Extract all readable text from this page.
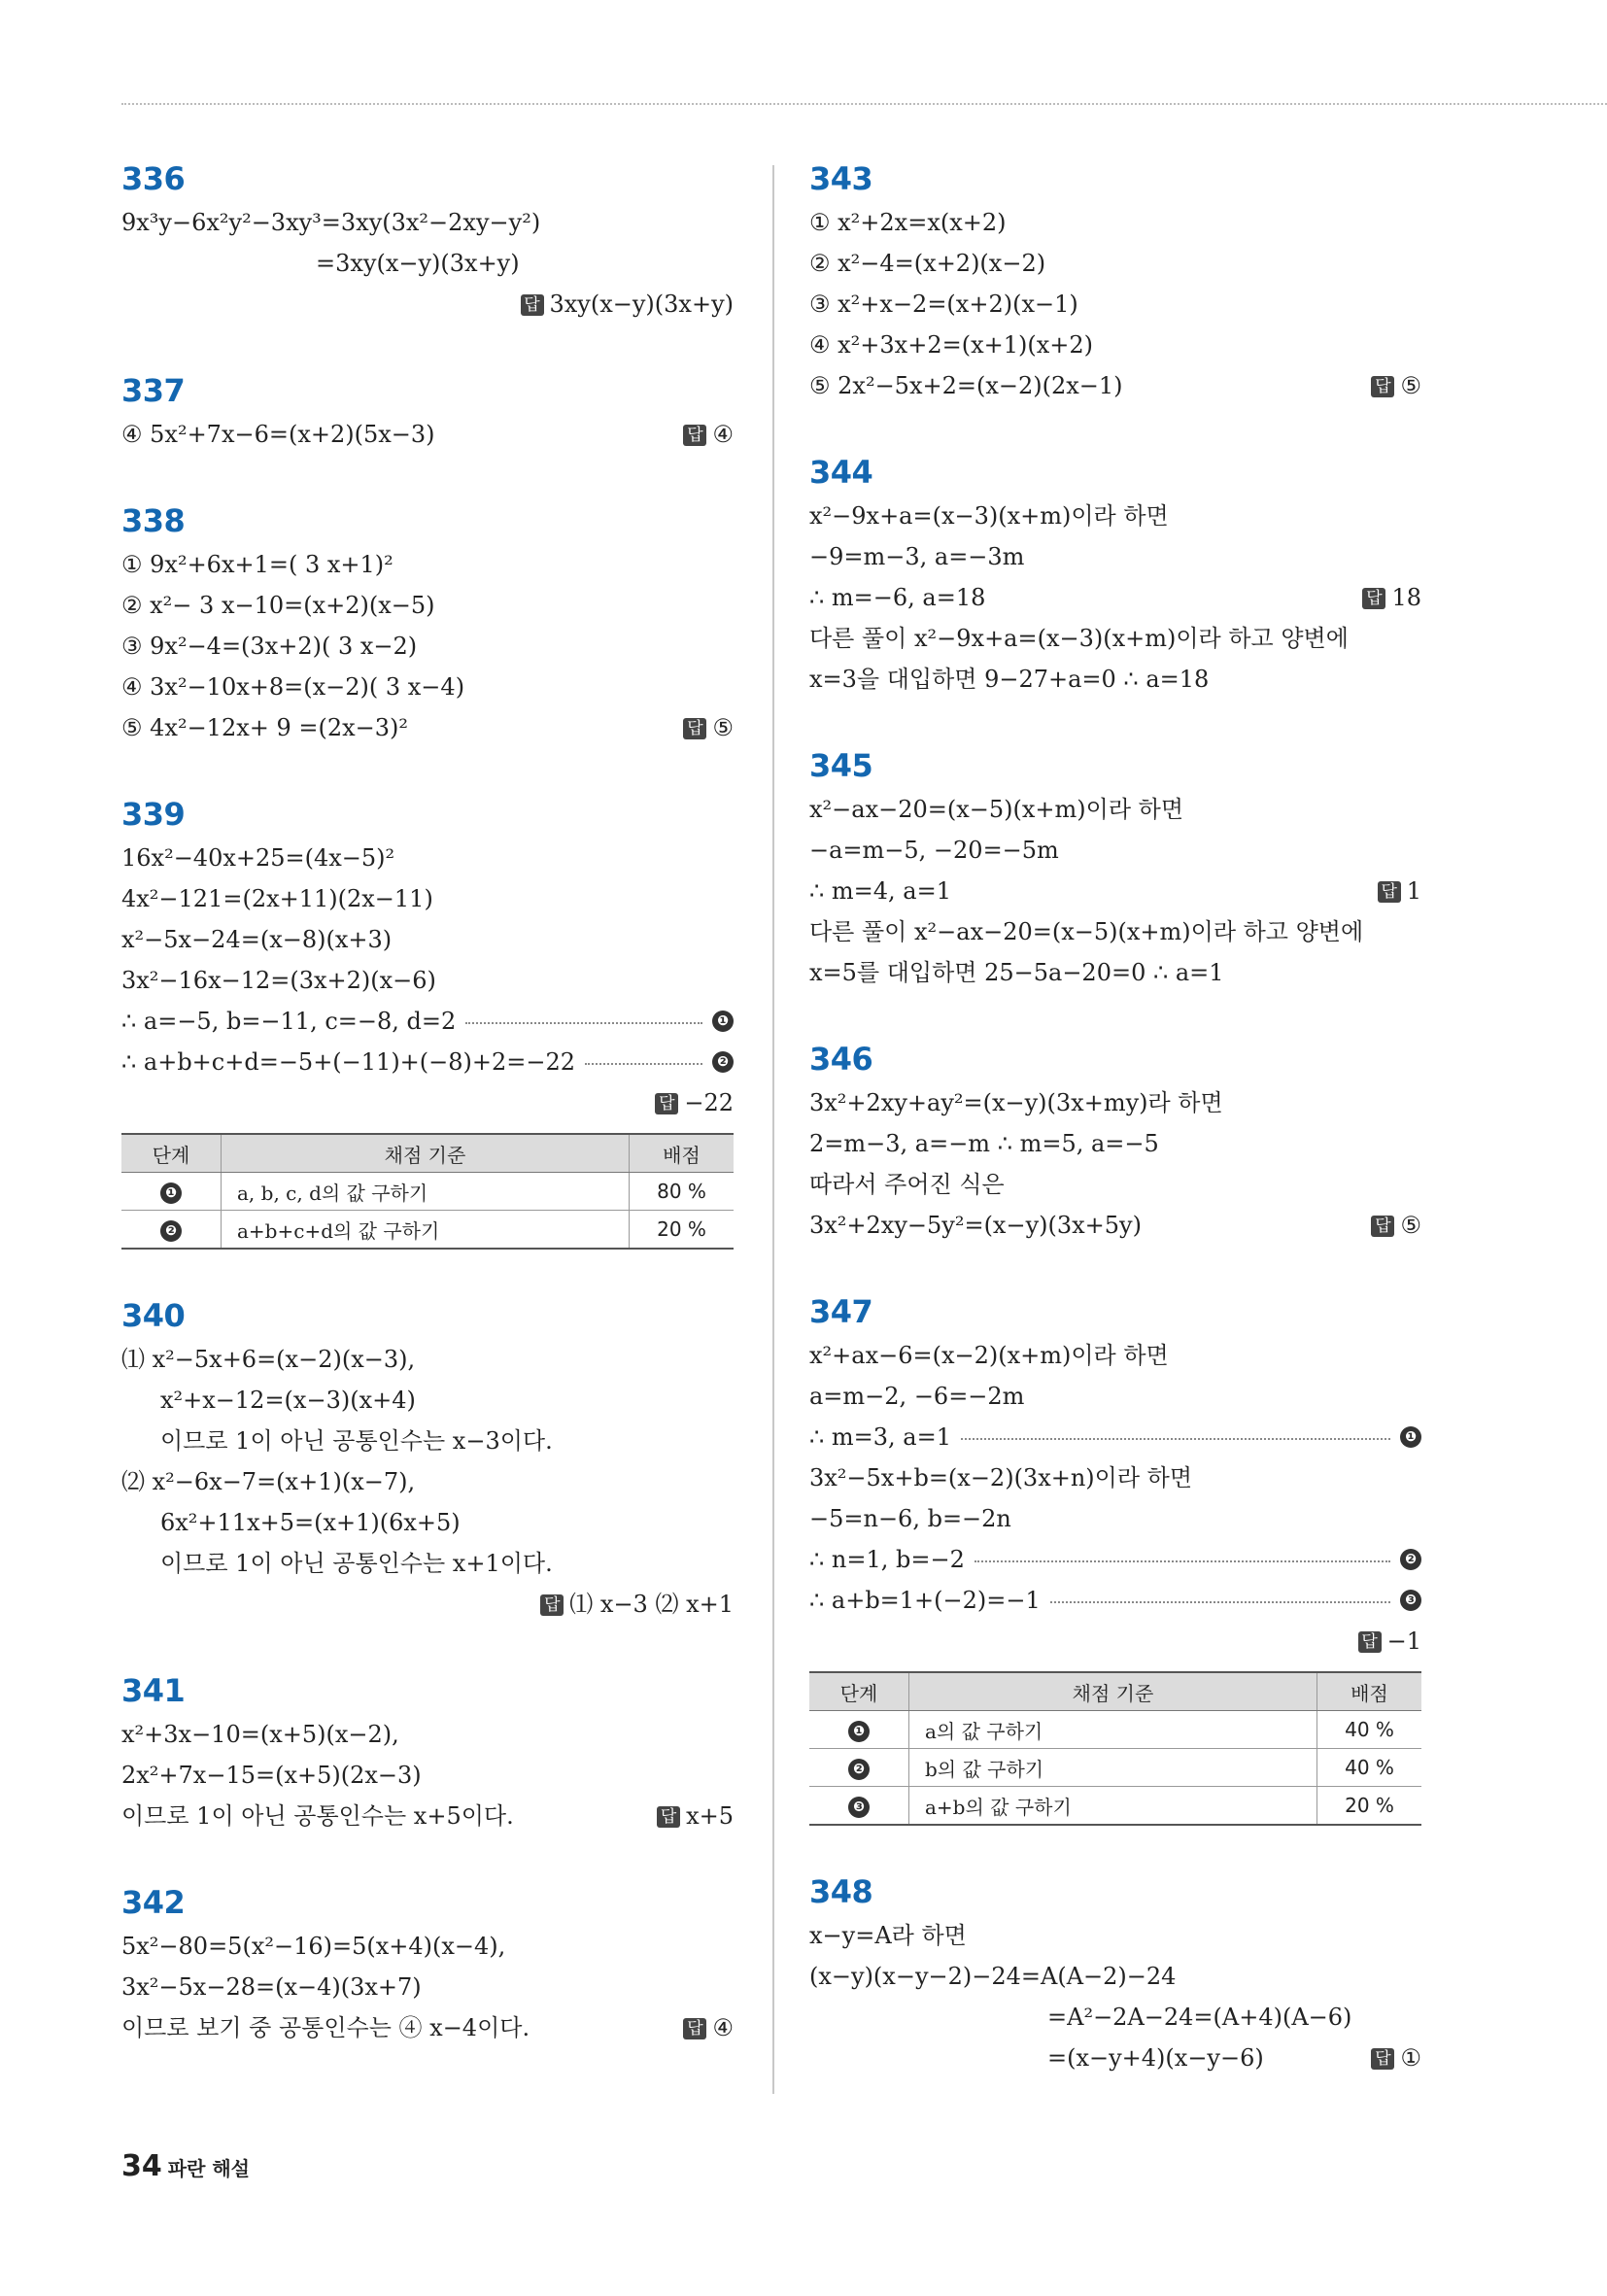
336
9x³y−6x²y²−3xy³=3xy(3x²−2xy−y²)
=3xy(x−y)(3x+y)
답 3xy(x−y)(3x+y)
337
④ 5x²+7x−6=(x+2)(5x−3)	답 ④
338
① 9x²+6x+1=( 3 x+1)²
② x²− 3 x−10=(x+2)(x−5)
③ 9x²−4=(3x+2)( 3 x−2)
④ 3x²−10x+8=(x−2)( 3 x−4)
⑤ 4x²−12x+ 9 =(2x−3)²	답 ⑤
339
16x²−40x+25=(4x−5)²
4x²−121=(2x+11)(2x−11)
x²−5x−24=(x−8)(x+3)
3x²−16x−12=(3x+2)(x−6)
∴ a=−5, b=−11, c=−8, d=2	❶
∴ a+b+c+d=−5+(−11)+(−8)+2=−22	❷
답 −22
단계	채점 기준	배점
❶	a, b, c, d의 값 구하기	80 %
❷	a+b+c+d의 값 구하기	20 %
340
⑴ x²−5x+6=(x−2)(x−3),
x²+x−12=(x−3)(x+4)
이므로 1이 아닌 공통인수는 x−3이다.
⑵ x²−6x−7=(x+1)(x−7),
6x²+11x+5=(x+1)(6x+5)
이므로 1이 아닌 공통인수는 x+1이다.
답 ⑴ x−3 ⑵ x+1
341
x²+3x−10=(x+5)(x−2),
2x²+7x−15=(x+5)(2x−3)
이므로 1이 아닌 공통인수는 x+5이다.	답 x+5
342
5x²−80=5(x²−16)=5(x+4)(x−4),
3x²−5x−28=(x−4)(3x+7)
이므로 보기 중 공통인수는 ④ x−4이다.	답 ④
343
① x²+2x=x(x+2)
② x²−4=(x+2)(x−2)
③ x²+x−2=(x+2)(x−1)
④ x²+3x+2=(x+1)(x+2)
⑤ 2x²−5x+2=(x−2)(2x−1)	답 ⑤
344
x²−9x+a=(x−3)(x+m)이라 하면
−9=m−3, a=−3m
∴ m=−6, a=18	답 18
다른 풀이 x²−9x+a=(x−3)(x+m)이라 하고 양변에
x=3을 대입하면 9−27+a=0 ∴ a=18
345
x²−ax−20=(x−5)(x+m)이라 하면
−a=m−5, −20=−5m
∴ m=4, a=1	답 1
다른 풀이 x²−ax−20=(x−5)(x+m)이라 하고 양변에
x=5를 대입하면 25−5a−20=0 ∴ a=1
346
3x²+2xy+ay²=(x−y)(3x+my)라 하면
2=m−3, a=−m ∴ m=5, a=−5
따라서 주어진 식은
3x²+2xy−5y²=(x−y)(3x+5y)	답 ⑤
347
x²+ax−6=(x−2)(x+m)이라 하면
a=m−2, −6=−2m
∴ m=3, a=1	❶
3x²−5x+b=(x−2)(3x+n)이라 하면
−5=n−6, b=−2n
∴ n=1, b=−2	❷
∴ a+b=1+(−2)=−1	❸
답 −1
단계	채점 기준	배점
❶	a의 값 구하기	40 %
❷	b의 값 구하기	40 %
❸	a+b의 값 구하기	20 %
348
x−y=A라 하면
(x−y)(x−y−2)−24=A(A−2)−24
=A²−2A−24=(A+4)(A−6)
=(x−y+4)(x−y−6)	답 ①
34 파란 해설
